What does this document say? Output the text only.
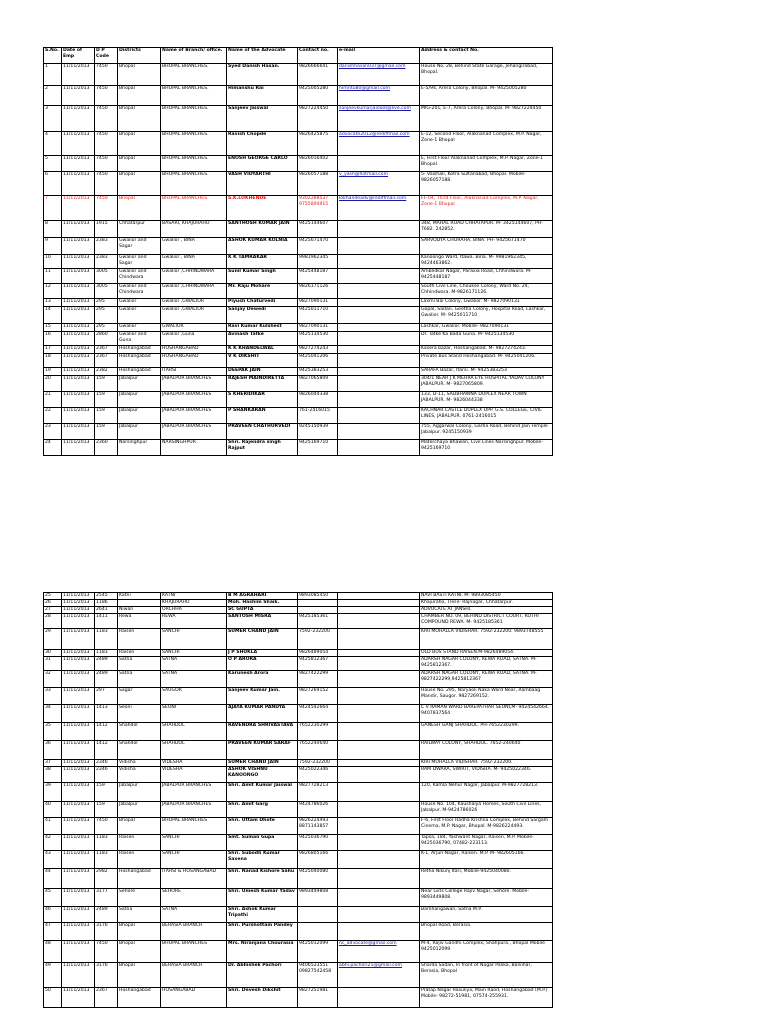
S.No.	Date of Emp	D P Code	Districts	Name of Branch/ office.	Name of the Advocate	Contact no.	e-mail	Address & contact No.
1	11/11/2013	7450	Bhopal	BHOPAL BRANCHES.	Syed Danish Hasan.	9826666641	danishhasan037@gmail.com	House No. 28, Behind State Garage, Jehangirabad, Bhopal.
2	11/11/2013	7450	Bhopal	BHOPAL BRANCHES.	Himanshu Rai	9425005280	himritu80@gmail.com	E-5/94, Arera Colony, Bhopal. M- 9425005280
3	11/11/2013	7450	Bhopal	BHOPAL BRANCHES.	Sanjeev Jaiswal	9827224450	sanjeevkumarjaiswal@live.com	MIG-201, E-7, Arera Colony, Bhopal. M- 9827224450
4	11/11/2013	7450	Bhopal	BHOPAL BRANCHES.	Ravish Chopde	9826425875	advocate2012@rediffmail.com	E-12, Second Floor, Alaknanad Complex, M.P. Nagar, Zone-1 Bhopal
5	11/11/2013	7450	Bhopal	BHOPAL BRANCHES.	ENOSH GEORGE CARLO	9826016402		E, First Floor Alaknanad Complex, M.P. Nagar, Zone-1 Bhopal.
6	11/11/2013	7450	Bhopal	BHOPAL BRANCHES.	VASH VIDYARTHI	9826057188	v_yash@hotmail.com	5- Vaishali, Kotra Sultanabad, Bhopal. Mobile- 9826057188.
7	11/11/2013	7450	Bhopal	BHOPAL BRANCHES.	S.K.LOKHENDE	9302288537 9755894915	lokhandeadv@rediffmail.com	FF-04, Third Floor, Alaknanad Complex, M.P. Nagar, Zone-1 Bhopal
8	11/11/2013	1915	Chhatarpur	BASARI, KHAJURAHO	SANTHOSH KUMAR JAIN	9425144607		348, MAHAL ROAD CHHATAPUR. M- 3425144607, PH- 7682. 242852.
9	11/11/2013	2383	Gwalior and Sagar	Gwalior , BINA	ASHOK KUMAR KOLNIA	9425671470		SARVODYA CHORAHA, BINA. PH- 9425671470
10	11/11/2013	2383	Gwalior and Sagar	Gwalior , BINA	K K TAMRAKAR	9981962345		Kanoongo Ward, Itawa. Bina. M- 9981962345, 9424463862.
11	11/11/2013	3005	Gwalior and Chindwara	Gwalior ,CHHINDWARA	Sunil Kumar Singh	9425448187		Ambedkar Nagar, Paraxia Road, Chhindwara. M- 9425448187
12	11/11/2013	3005	Gwalior and Chindwara	Gwalior ,CHHINDWARA	Mr. Raju Mohare	9826171126		South Civil Line, Choukse Colony, Ward No. 24, Chhindwara. M-9826171126.
13	11/11/2013	295	Gwalior	Gwalior ,GWALIOR	Piyush Chaturvedi	9827090131		Laxmi Bai Colony, Gwalior. M- 9827090131
14	11/11/2013	295	Gwalior	Gwalior ,GWALIOR	Sanjay Dewedi	9425011710		Gopal, Sadan, Geetha Colony, Hospital Road, Lashkar, Gwalior. M- 9425011710
15	11/11/2013	295	Gwalior	GWALIOR	Ravi Kumar Kulshest	9827090131		Lashkar, Gwalior. Mobile- 9827090131
16	11/11/2013	2860	Gwalior and Guna	Gwalior ,Guna	Avinash Tatke	9425134530		Dr. Tatke Ka Bada Guna. M- 9425134530
17	11/11/2013	2367	Hoshangabad	HOSHANGABAD	K K KHANDELWAL	9827274243		Kasera bazar, Hoshangabad. M- 9827274243.
18	11/11/2013	2367	Hoshangabad	HOSHANGABAD	V K DIKSHIT	9425041206		Private Bus Stand Hoshangabad. M- 9425041206.
19	11/11/2013	2382	Hoshangabad	ITARSI	DEEPAK JAIN	9425383253		SARAFA Bazar, Itarsi. M- 9425383253
20	11/11/2013	159	Jabalpur	JABALPUR BRANCHES	RAJESH MAINDIRETTA	9827065809		304/1 NEAR J K MEHRA EYE HOSPITAL YADAV COLONY JABALPUR. M- 9827065809.
21	11/11/2013	159	Jabalpur	JABALPUR BRANCHES	S KHERIDIKAR	9826044338		133, D-11, SADBHAWNA DUPLEX NEAR TOWN JABALPUR. M- 9826044338
22	11/11/2013	159	Jabalpur	JABALPUR BRANCHES	P SHANKARAN	761-2416015		KACHNAR CASTLE DUPLEX OPP. G.S. COLLEGE, CIVIL LINES, JABALPUR. 0761-2416015
23	11/11/2013	159	Jabalpur	JABALPUR BRANCHES	PRAVEEN CHATHURVEDI	9245150939		755, Aggarwal Colony, Garha Road, Behind Jain Temple Jabalpur. 9245150939
24	11/11/2013	2360	Narsinghpur	NARSINGHPUR	Shri. Rajendra singh Rajput	9425169710		Materchaya Bhawan, Civil Lines Narsinghpur. Mobile- 9425169710
25	11/11/2013	2545	Katni	KATNI	B M AGRAHARI	9893085450		NAVI BASTI KATNI. M- 9893085450
26	11/11/2013	1186		KHAJURAHO	Moh. Hashim Shaik.			Khajuraho, Tlesil- Rajnagar, Chhatarpur.
27	11/11/2013	2641	Niwari	ORCHHA	SC GUPTA			ADVOCATE AT JANSHI.
28	11/11/2013	1411	Rewa	REWA	SANTOSH MISRA	9425185361		CHAMBER NO. 09, BEHIND DISTRICT COURT, KOTHI COMPOUND REWA. M- 9425185361
29	11/11/2013	1183	Raisen	SANCHI	SUMER CHAND JAIN	7592-232200		KIRI MOHALLA VIDISHAR. 7592-232200. 9893748555
30	11/11/2013	1183	Raisen	SANCHI	J P SHUKLA	9826489054		OLD BUS STAND RAISEN.M-9826489054.
31	11/11/2013	2489	Satna	SATNA	O P ARORA	9425812367		ADARSH NAGAR COLONY, REWA ROAD, SATNA. M- 9425812367.
32	11/11/2013	2489	Satna	SATNA	Karunesh Arora	9827422299		ADARSH NAGAR COLONY, REWA ROAD, SATNA. M- 9827422299,9425812367
33	11/11/2013	297	Sagar	SAUGOR	Sanjeev Kumar Jain.	9827269152		House No. 295, Naryaoli Naka Ward Near, Rambaag Mandir, Saugor. 9827269152.
34	11/11/2013	1413	Seoni	SEONI	AJAYA KUMAR PANDYA	9424542664		C V RAMAN WARD BAREPATHAR SEONI,M- 9424542664. 9407837564
35	11/11/2013	1412	Shahdol	SHAHDOL	RAVENDRA SHRIVASTAVA	7652230299		GANESH GANJ SHAHDOL. PH-7652230299.
36	11/11/2013	1412	Shahdol	SHAHDOL	PRAVEEN KUMAR SARAF	7652240640		RAILWAY COLONY, SHAHDOL. 7652-240640
37	11/11/2013	2346	Vidisha	VIDESHA	SUMER CHAND JAIN	7592-232200		KIRI MOHALLA VIDISHAR. 7592-232200.
38	11/11/2013	2346	Vidisha	VIDESHA	ASHOK VISHNU KANOONGO	9425022346		RAM DWARA, SWIRIT, VIDISHA. M- 9425022346.
39	11/11/2013	159	Jabalpur	JABALPUR BRANCHES	Shri. Amit Kumar Jaiswal	9827728213		120, Kamla Nehur Nagar, Jabalpur. M-9827728213.
40	11/11/2013	159	Jabalpur	JABALPUR BRANCHES	Shri. Amit Garg	9424786026		House No. 104, Kaushalya Homes, South Civil Lines, Jabalpur. M-9424786026
41	11/11/2013	7450	Bhopal	BHOPAL BRANCHES	Shri. Uttam Dhote	9826224493 8871143857		F-6, First Floor Radha Krishna Complex, Behind Sargam Cinema, M.P. Nagar, Bhopal. M-9826224493.
42	11/11/2013	1183	Raisen	SANCHI	Smt. Suman Gupa	9425036790		Tapsa, 184, Yashwant Nagar, Raisen, M.P. Mobile- 9425036790, 07482-223113.
43	11/11/2013	1183	Raisen	SANCHI	Shri. Subodh Kumar Saxena	9826805166		K-1, Arjun Nagar, Raisen. M.P. M- 982605166.
44	11/11/2013	2982	Hoshangabad	ITARSI & HOSANGABAD	Shri. Nanad Kishore Sahu	9425040080		Retha Nikunj Itari, Mobile-9425040080.
45	11/11/2013	3177	Sehore	SEHORE	Shri. Umesh Kumar Yadav	9893449808		Near Girls College Rajiv Nagar, Sehore. Mobile- 9893449808.
46	11/11/2013	2489	Satna	SATNA	Shri. Ashok Kumar Tripathi			Bamhangawan, Satna M.P.
47	11/11/2013	3176	Bhopal	BERASIA BRANCH	Shri. Purshottam Pandey			Bhopal Road, Berasia.
48	11/11/2013	7450	Bhopal	BHOPAL BRANCHES	Mrs. Niranjana Chourasia	9425012099	nc_advocate@gmail.com	M-4, Rajiv Gandhi Complex, Shahpura., Bhopal Mobile 9425012099
49	11/11/2013	3176	Bhopal	BERASIA BRANCH	Dr. Abhishek Pachori	9406523551 09827542458	abhi.pachori21@gmail.com	Sharda Sadan, In front of Nagar Palika, Balvihar, Berasia, Bhopal
50	11/11/2013	2367	Hoshangabad	HOSANGABAD	Shri. Devesh Dikshit	9827251981		Pratap Nagar Rasuliya, Main Raod, Hoshangabad (M.P.) Mobile- 98272-51981, 07574-255931.
